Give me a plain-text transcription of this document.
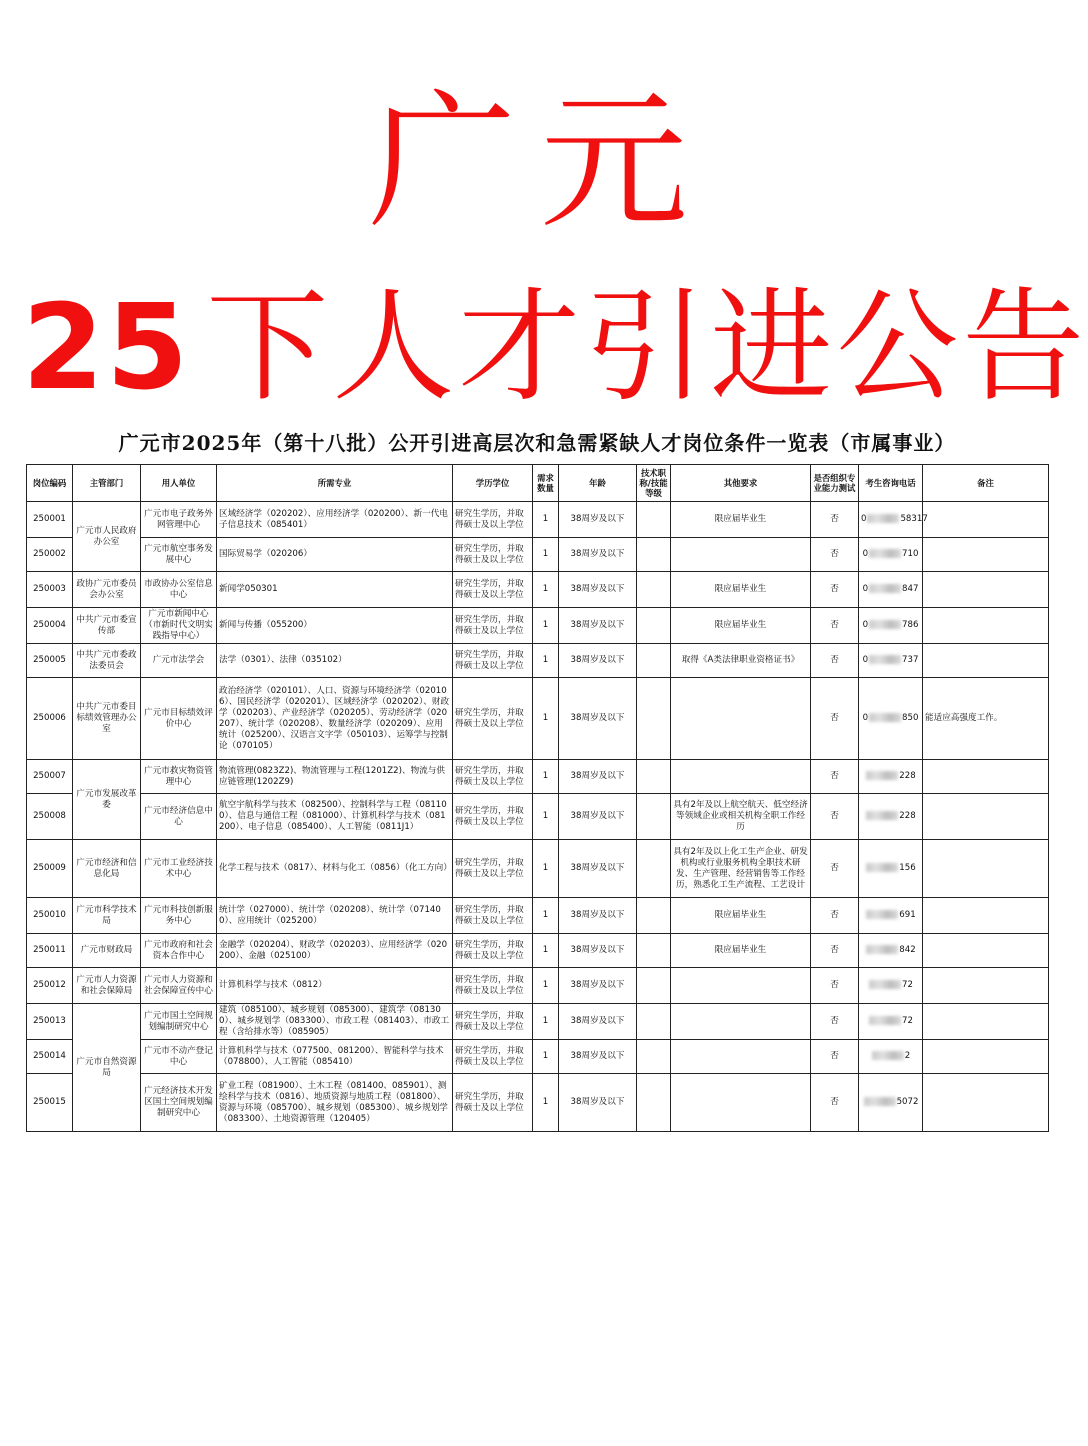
广元
25 下人才引进公告
广元市2025年（第十八批）公开引进高层次和急需紧缺人才岗位条件一览表（市属事业）
岗位编码	主管部门	用人单位	所需专业	学历学位	需求数量	年龄	技术职称/技能等级	其他要求	是否组织专业能力测试	考生咨询电话	备注
250001	广元市人民政府办公室	广元市电子政务外网管理中心	区域经济学（020202）、应用经济学（020200）、新一代电子信息技术（085401）	研究生学历，并取得硕士及以上学位	1	38周岁及以下		限应届毕业生	否	0 58317	
250002		广元市航空事务发展中心	国际贸易学（020206）	研究生学历，并取得硕士及以上学位	1	38周岁及以下			否	0 710	
250003	政协广元市委员会办公室	市政协办公室信息中心	新闻学050301	研究生学历，并取得硕士及以上学位	1	38周岁及以下		限应届毕业生	否	0 847	
250004	中共广元市委宣传部	广元市新闻中心（市新时代文明实践指导中心）	新闻与传播（055200）	研究生学历，并取得硕士及以上学位	1	38周岁及以下		限应届毕业生	否	0 786	
250005	中共广元市委政法委员会	广元市法学会	法学（0301）、法律（035102）	研究生学历，并取得硕士及以上学位	1	38周岁及以下		取得《A类法律职业资格证书》	否	0 737	
250006	中共广元市委目标绩效管理办公室	广元市目标绩效评价中心	政治经济学（020101）、人口、资源与环境经济学（020106）、国民经济学（020201）、区域经济学（020202）、财政学（020203）、产业经济学（020205）、劳动经济学（020207）、统计学（020208）、数量经济学（020209）、应用统计（025200）、汉语言文字学（050103）、运筹学与控制论（070105）	研究生学历，并取得硕士及以上学位	1	38周岁及以下			否	0 850	能适应高强度工作。
250007	广元市发展改革委	广元市救灾物资管理中心	物流管理(0823Z2)、物流管理与工程(1201Z2)、物流与供应链管理(1202Z9)	研究生学历，并取得硕士及以上学位	1	38周岁及以下			否	228	
250008		广元市经济信息中心	航空宇航科学与技术（082500）、控制科学与工程（081100）、信息与通信工程（081000）、计算机科学与技术（081200）、电子信息（085400）、人工智能（0811J1）	研究生学历，并取得硕士及以上学位	1	38周岁及以下		具有2年及以上航空航天、低空经济等领域企业或相关机构全职工作经历	否	228	
250009	广元市经济和信息化局	广元市工业经济技术中心	化学工程与技术（0817）、材料与化工（0856）（化工方向）	研究生学历，并取得硕士及以上学位	1	38周岁及以下		具有2年及以上化工生产企业、研发机构或行业服务机构全职技术研发、生产管理、经营销售等工作经历，熟悉化工生产流程、工艺设计	否	156	
250010	广元市科学技术局	广元市科技创新服务中心	统计学（027000）、统计学（020208）、统计学（071400）、应用统计（025200）	研究生学历，并取得硕士及以上学位	1	38周岁及以下		限应届毕业生	否	691	
250011	广元市财政局	广元市政府和社会资本合作中心	金融学（020204）、财政学（020203）、应用经济学（020200）、金融（025100）	研究生学历，并取得硕士及以上学位	1	38周岁及以下		限应届毕业生	否	842	
250012	广元市人力资源和社会保障局	广元市人力资源和社会保障宣传中心	计算机科学与技术（0812）	研究生学历，并取得硕士及以上学位	1	38周岁及以下			否	72	
250013	广元市自然资源局	广元市国土空间规划编制研究中心	建筑（085100）、城乡规划（085300）、建筑学（081300）、城乡规划学（083300）、市政工程（081403）、市政工程（含给排水等）（085905）	研究生学历，并取得硕士及以上学位	1	38周岁及以下			否	72	
250014		广元市不动产登记中心	计算机科学与技术（077500、081200）、智能科学与技术（078800）、人工智能（085410）	研究生学历，并取得硕士及以上学位	1	38周岁及以下			否	2	
250015		广元经济技术开发区国土空间规划编制研究中心	矿业工程（081900）、土木工程（081400、085901）、测绘科学与技术（0816）、地质资源与地质工程（081800）、资源与环境（085700）、城乡规划（085300）、城乡规划学（083300）、土地资源管理（120405）	研究生学历，并取得硕士及以上学位	1	38周岁及以下			否	5072	
